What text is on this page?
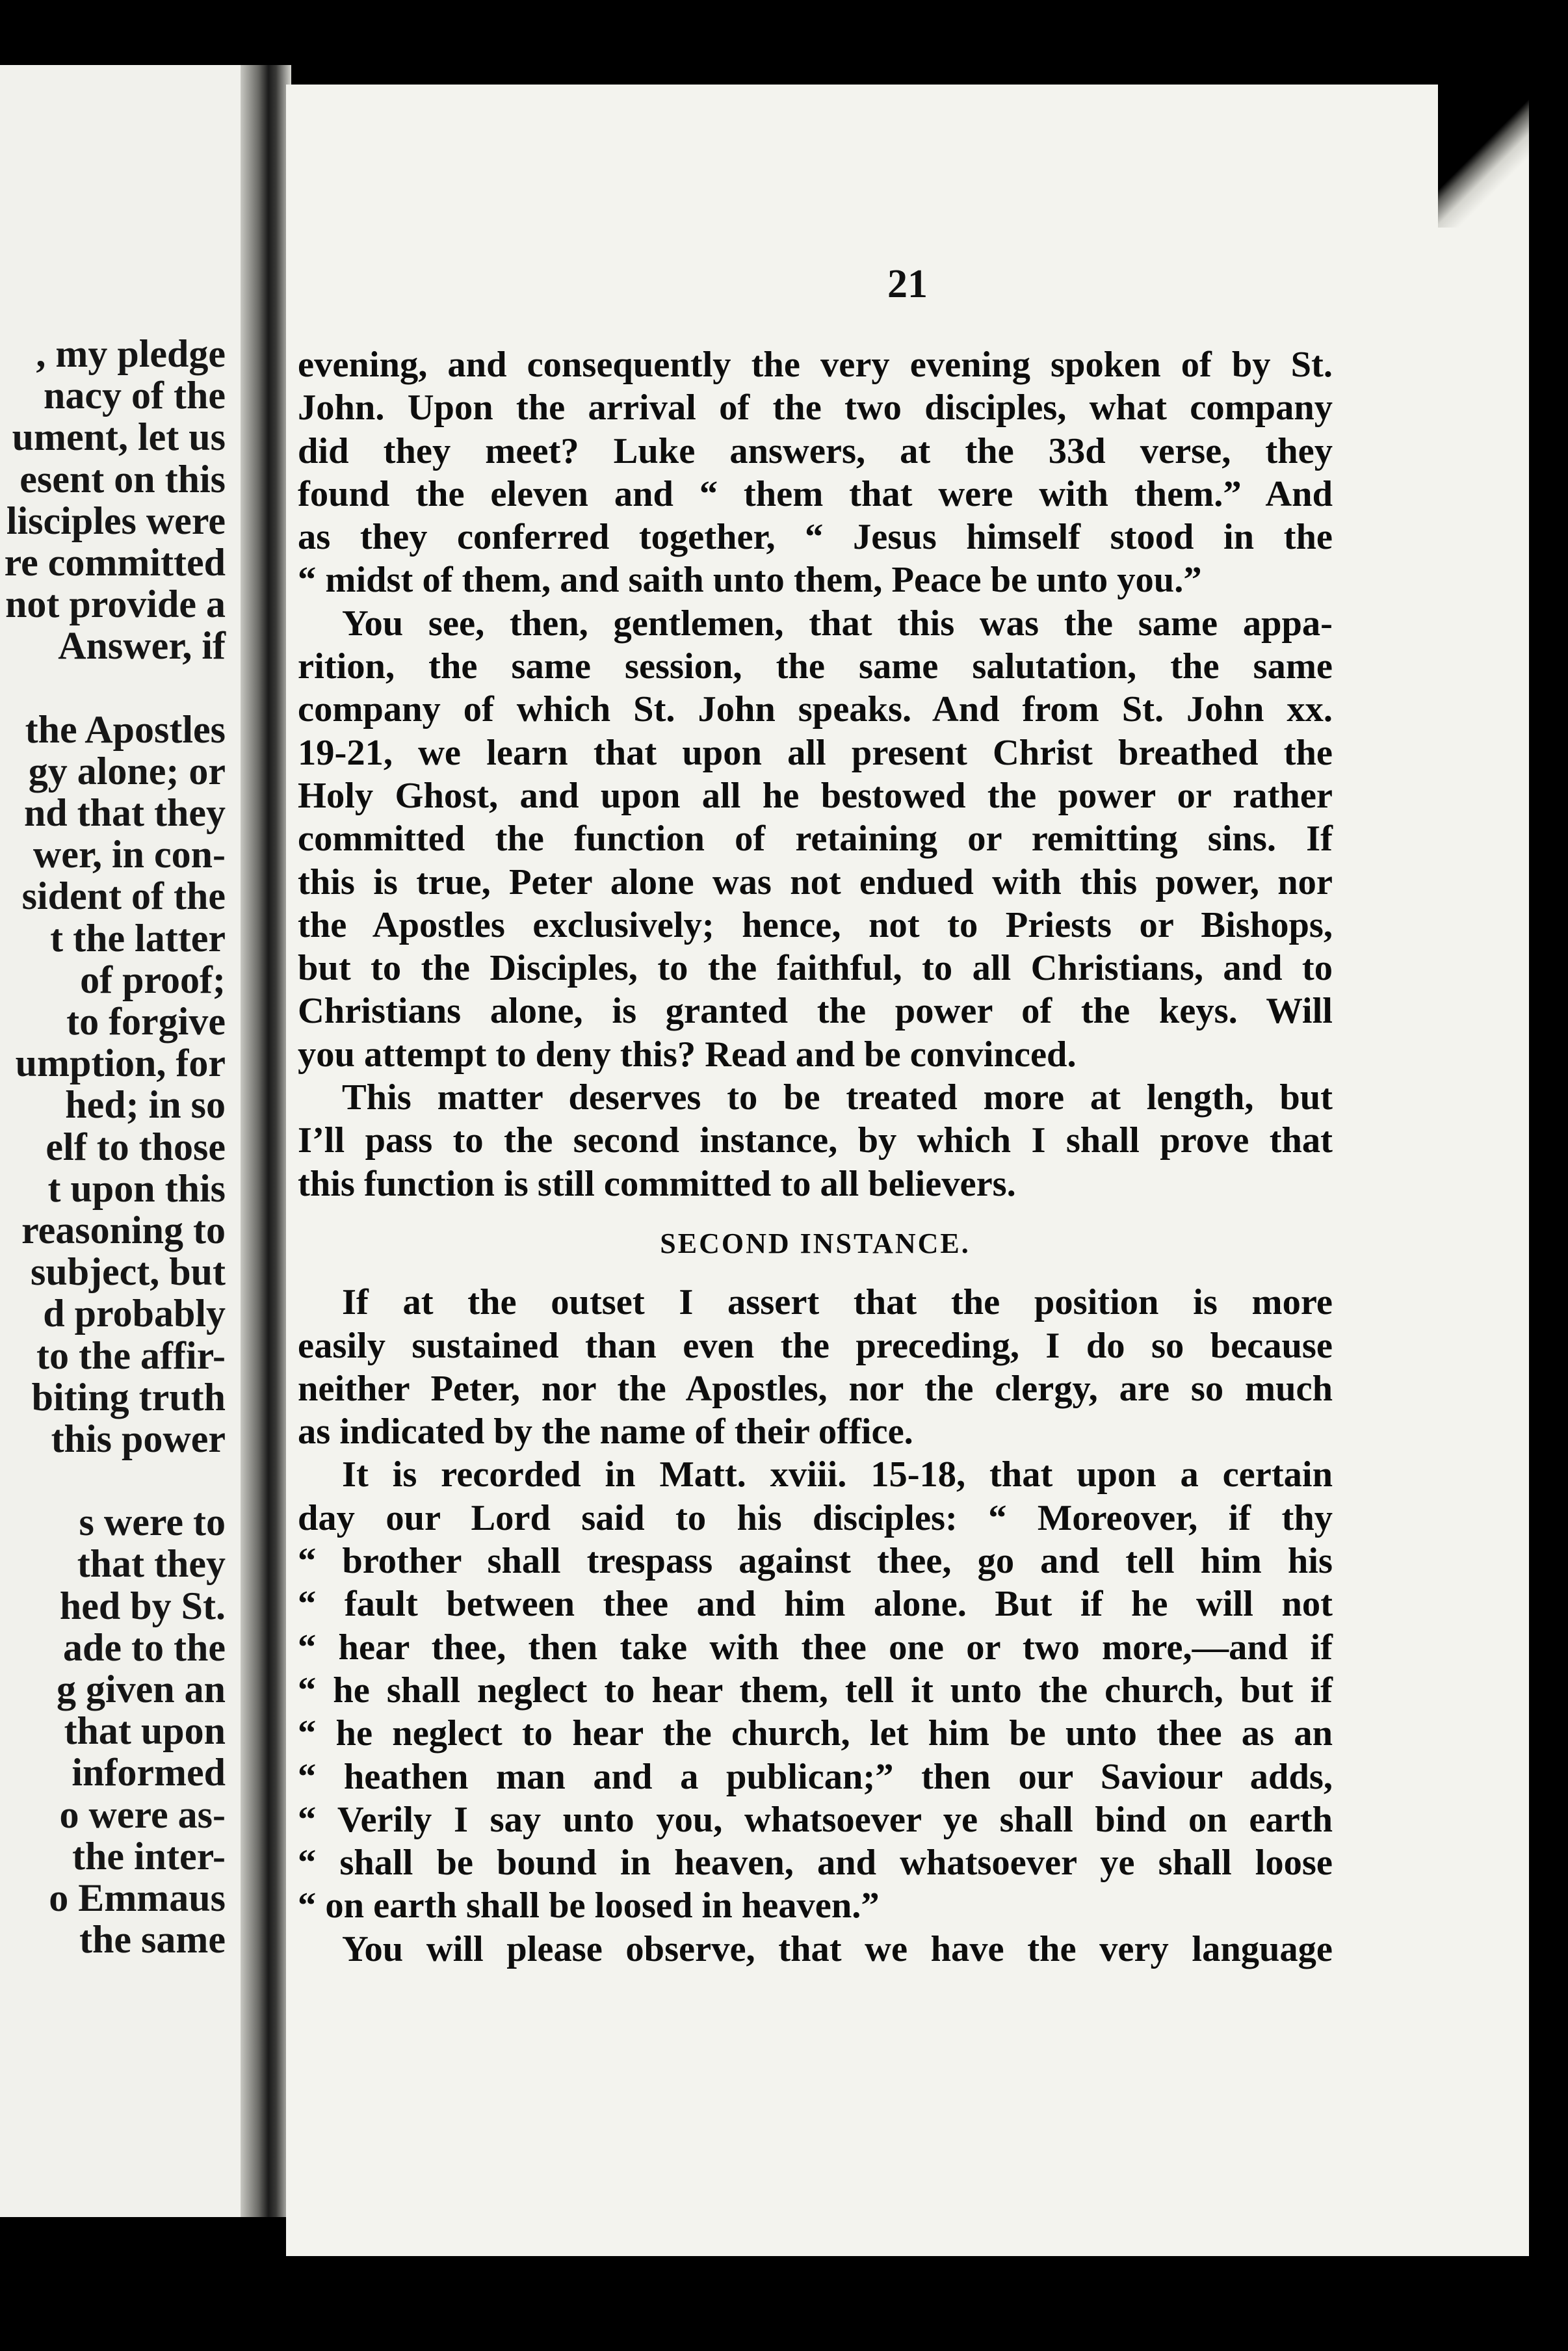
, my pledge
nacy of the
ument, let us
esent on this
lisciples were
re committed
not provide a
Answer, if
the Apostles
gy alone; or
nd that they
wer, in con-
sident of the
t the latter
of proof;
to forgive
umption, for
hed; in so
elf to those
t upon this
reasoning to
subject, but
d probably
to the affir-
biting truth
this power
s were to
that they
hed by St.
ade to the
g given an
that upon
informed
o were as-
the inter-
o Emmaus
the same
21
evening, and consequently the very evening spoken of by St.
John. Upon the arrival of the two disciples, what company
did they meet? Luke answers, at the 33d verse, they
found the eleven and “ them that were with them.” And
as they conferred together, “ Jesus himself stood in the
“ midst of them, and saith unto them, Peace be unto you.”
You see, then, gentlemen, that this was the same appa-
rition, the same session, the same salutation, the same
company of which St. John speaks. And from St. John xx.
19-21, we learn that upon all present Christ breathed the
Holy Ghost, and upon all he bestowed the power or rather
committed the function of retaining or remitting sins. If
this is true, Peter alone was not endued with this power, nor
the Apostles exclusively; hence, not to Priests or Bishops,
but to the Disciples, to the faithful, to all Christians, and to
Christians alone, is granted the power of the keys. Will
you attempt to deny this? Read and be convinced.
This matter deserves to be treated more at length, but
I’ll pass to the second instance, by which I shall prove that
this function is still committed to all believers.
SECOND INSTANCE.
If at the outset I assert that the position is more
easily sustained than even the preceding, I do so because
neither Peter, nor the Apostles, nor the clergy, are so much
as indicated by the name of their office.
It is recorded in Matt. xviii. 15-18, that upon a certain
day our Lord said to his disciples: “ Moreover, if thy
“ brother shall trespass against thee, go and tell him his
“ fault between thee and him alone. But if he will not
“ hear thee, then take with thee one or two more,—and if
“ he shall neglect to hear them, tell it unto the church, but if
“ he neglect to hear the church, let him be unto thee as an
“ heathen man and a publican;” then our Saviour adds,
“ Verily I say unto you, whatsoever ye shall bind on earth
“ shall be bound in heaven, and whatsoever ye shall loose
“ on earth shall be loosed in heaven.”
You will please observe, that we have the very language
